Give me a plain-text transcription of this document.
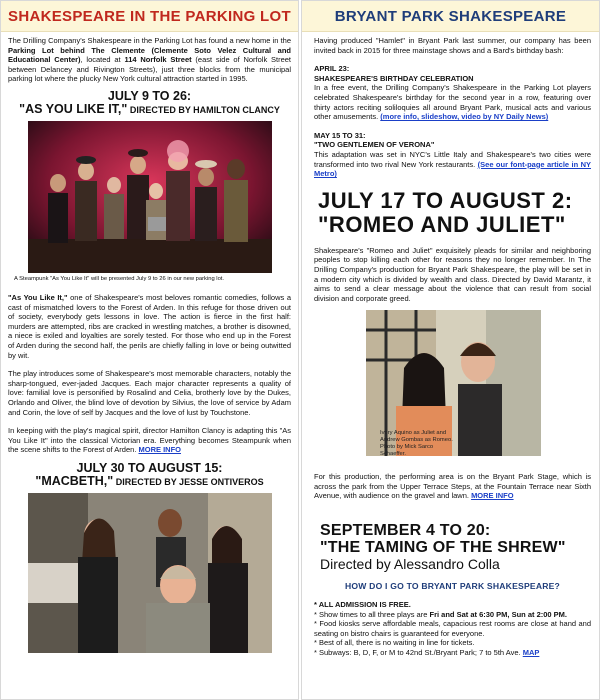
SHAKESPEARE IN THE PARKING LOT

The Drilling Company's Shakespeare in the Parking Lot has found a new home in the Parking Lot behind The Clemente (Clemente Soto Velez Cultural and Educational Center), located at 114 Norfolk Street (east side of Norfolk Street between Delancey and Rivington Streets), just three blocks from the municipal parking lot where the plucky New York cultural attraction started in 1995.

JULY 9 TO 26:
"AS YOU LIKE IT," DIRECTED BY HAMILTON CLANCY
A Steampunk "As You Like It" will be presented July 9 to 26 in our new parking lot.

"As You Like It," one of Shakespeare's most beloves romantic comedies, follows a cast of mismatched lovers to the Forest of Arden. In this refuge for those driven out of society, everybody gets lessons in love. The action is fierce in the first half: murders are attempted, ribs are cracked in wrestling matches, a brother is disowned, a niece is exiled and loyalties are sorely tested. For those who end up in the Forest of Arden during the second half, the perils are chiefly falling in love or being outwitted by wit.

The play introduces some of Shakespeare's most memorable characters, notably the sharp-tongued, ever-jaded Jacques. Each major character represents a quality of love: familial love is personified by Rosalind and Celia, brotherly love by the Dukes, Orlando and Oliver, the blind love of devotion by Silvius, the love of service by Adam and Corin, the love of self by Jacques and the love of lust by Touchstone.

In keeping with the play's magical spirit, director Hamilton Clancy is adapting this "As You Like It" into the classical Victorian era. Everything becomes Steampunk when the scene shifts to the Forest of Arden. MORE INFO

JULY 30 TO AUGUST 15:
"MACBETH," DIRECTED BY JESSE ONTIVEROS
BRYANT PARK SHAKESPEARE

Having produced "Hamlet" in Bryant Park last summer, our company has been invited back in 2015 for three mainstage shows and a Bard's birthday bash:

APRIL 23:
SHAKESPEARE'S BIRTHDAY CELEBRATION

In a free event, the Drilling Company's Shakespeare in the Parking Lot players celebrated Shakespeare's birthday for the second year in a row, featuring over thirty actors reciting soliloquies all around Bryant Park, musical acts and various other amusements. (more info, slideshow, video by NY Daily News)

MAY 15 TO 31:
"TWO GENTLEMEN OF VERONA"

This adaptation was set in NYC's Little Italy and Shakespeare's two cities were transformed into two rival New York restaurants. (See our font-page article in NY Metro)

JULY 17 TO AUGUST 2:
"ROMEO AND JULIET"

Shakespeare's "Romeo and Juliet" exquisitely pleads for similar and neighboring peoples to stop killing each other for reasons they no longer remember. In The Drilling Company's production for Bryant Park Shakespeare, the play will be set in a modern city which is divided by wealth and class. Directed by David Marantz, it aims to send a clear message about the violence that can result from social division and corporate greed.

Ivory Aquino as Juliet and Andrew Gombas as Romeo. Photo by Mick Sarco Schaeffer.

For this production, the performing area is on the Bryant Park Stage, which is across the park from the Upper Terrace Steps, at the Fountain Terrace near Sixth Avenue, with audience on the gravel and lawn. MORE INFO

SEPTEMBER 4 TO 20:
"THE TAMING OF THE SHREW"
Directed by Alessandro Colla
HOW DO I GO TO BRYANT PARK SHAKESPEARE?
* ALL ADMISSION IS FREE.
* Show times to all three plays are Fri and Sat at 6:30 PM, Sun at 2:00 PM.
* Food kiosks serve affordable meals, capacious rest rooms are close at hand and seating on bistro chairs is guaranteed for everyone.
* Best of all, there is no waiting in line for tickets.
* Subways: B, D, F, or M to 42nd St./Bryant Park; 7 to 5th Ave. MAP
